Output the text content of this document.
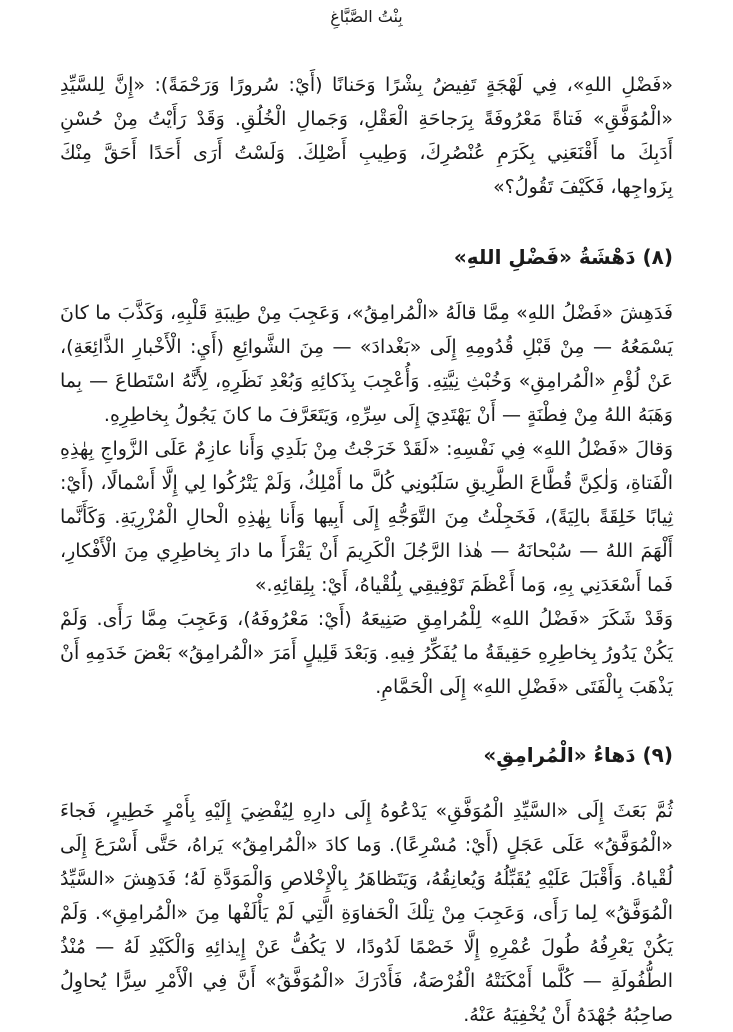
بِنْتُ الصَّبَّاغِ

«فَضْلِ اللهِ»، فِي لَهْجَةٍ تَفِيضُ بِشْرًا وَحَنانًا (أَيْ: سُرورًا وَرَحْمَةً): «إِنَّ لِلسَّيِّدِ «الْمُوَفَّقِ» فَتاةً مَعْرُوفَةً بِرَجاحَةِ الْعَقْلِ، وَجَمالِ الْخُلُقِ. وَقَدْ رَأَيْتُ مِنْ حُسْنِ أَدَبِكَ ما أَقْنَعَنِي بِكَرَمِ عُنْصُرِكَ، وَطِيبِ أَصْلِكَ. وَلَسْتُ أَرَى أَحَدًا أَحَقَّ مِنْكَ بِزَواجِها، فَكَيْفَ تَقُولُ؟»

(٨) دَهْشَةُ «فَضْلِ اللهِ»

فَدَهِشَ «فَضْلُ اللهِ» مِمَّا قالَهُ «الْمُرامِقُ»، وَعَجِبَ مِنْ طِيبَةِ قَلْبِهِ، وَكَذَّبَ ما كانَ يَسْمَعُهُ — مِنْ قَبْلِ قُدُومِهِ إِلَى «بَغْدادَ» — مِنَ الشَّوائِعِ (أَيِ: الْأَخْبارِ الذَّائِعَةِ)، عَنْ لُؤْمِ «الْمُرامِقِ» وَخُبْثِ نِيَّتِهِ. وَأُعْجِبَ بِذَكائِهِ وَبُعْدِ نَظَرِهِ، لِأَنَّهُ اسْتَطاعَ — بِما وَهَبَهُ اللهُ مِنْ فِطْنَةٍ — أَنْ يَهْتَدِيَ إِلَى سِرِّهِ، وَيَتَعَرَّفَ ما كانَ يَجُولُ بِخاطِرِهِ.

وَقالَ «فَضْلُ اللهِ» فِي نَفْسِهِ: «لَقَدْ خَرَجْتُ مِنْ بَلَدِي وَأَنا عازِمٌ عَلَى الزَّواجِ بِهٰذِهِ الْفَتاةِ، وَلٰكِنَّ قُطَّاعَ الطَّرِيقِ سَلَبُونِي كُلَّ ما أَمْلِكُ، وَلَمْ يَتْرُكُوا لِي إِلَّا أَسْمالًا، (أَيْ: ثِيابًا خَلِقَةً بالِيَةً)، فَخَجِلْتُ مِنَ التَّوَجُّهِ إِلَى أَبِيها وَأَنا بِهٰذِهِ الْحالِ الْمُزْرِيَةِ. وَكَأَنَّما أَلْهَمَ اللهُ — سُبْحانَهُ — هٰذا الرَّجُلَ الْكَرِيمَ أَنْ يَقْرَأَ ما دارَ بِخاطِرِي مِنَ الْأَفْكارِ، فَما أَسْعَدَنِي بِهِ، وَما أَعْظَمَ تَوْفِيقِي بِلُقْياهُ، أَيْ: بِلِقائِهِ.»

وَقَدْ شَكَرَ «فَضْلُ اللهِ» لِلْمُرامِقِ صَنِيعَهُ (أَيْ: مَعْرُوفَهُ)، وَعَجِبَ مِمَّا رَأَى. وَلَمْ يَكُنْ يَدُورُ بِخاطِرِهِ حَقِيقَةُ ما يُفَكِّرُ فِيهِ. وَبَعْدَ قَلِيلٍ أَمَرَ «الْمُرامِقُ» بَعْضَ خَدَمِهِ أَنْ يَذْهَبَ بِالْفَتَى «فَضْلِ اللهِ» إِلَى الْحَمَّامِ.

(٩) دَهاءُ «الْمُرامِقِ»

ثُمَّ بَعَثَ إِلَى «السَّيِّدِ الْمُوَفَّقِ» يَدْعُوهُ إِلَى دارِهِ لِيُفْضِيَ إِلَيْهِ بِأَمْرٍ خَطِيرٍ، فَجاءَ «الْمُوَفَّقُ» عَلَى عَجَلٍ (أَيْ: مُسْرِعًا). وَما كادَ «الْمُرامِقُ» يَراهُ، حَتَّى أَسْرَعَ إِلَى لُقْياهُ. وَأَقْبَلَ عَلَيْهِ يُقَبِّلُهُ وَيُعانِقُهُ، وَيَتَظاهَرُ بِالْإِخْلاصِ وَالْمَوَدَّةِ لَهُ؛ فَدَهِشَ «السَّيِّدُ الْمُوَفَّقُ» لِما رَأَى، وَعَجِبَ مِنْ تِلْكَ الْحَفاوَةِ الَّتِي لَمْ يَأْلَفْها مِنَ «الْمُرامِقِ». وَلَمْ يَكُنْ يَعْرِفُهُ طُولَ عُمْرِهِ إِلَّا خَصْمًا لَدُودًا، لا يَكُفُّ عَنْ إِيذائِهِ وَالْكَيْدِ لَهُ — مُنْذُ الطُّفُولَةِ — كُلَّما أَمْكَنَتْهُ الْفُرْصَةُ، فَأَدْرَكَ «الْمُوَفَّقُ» أَنَّ فِي الْأَمْرِ سِرًّا يُحاوِلُ صاحِبُهُ جُهْدَهُ أَنْ يُخْفِيَهُ عَنْهُ.
